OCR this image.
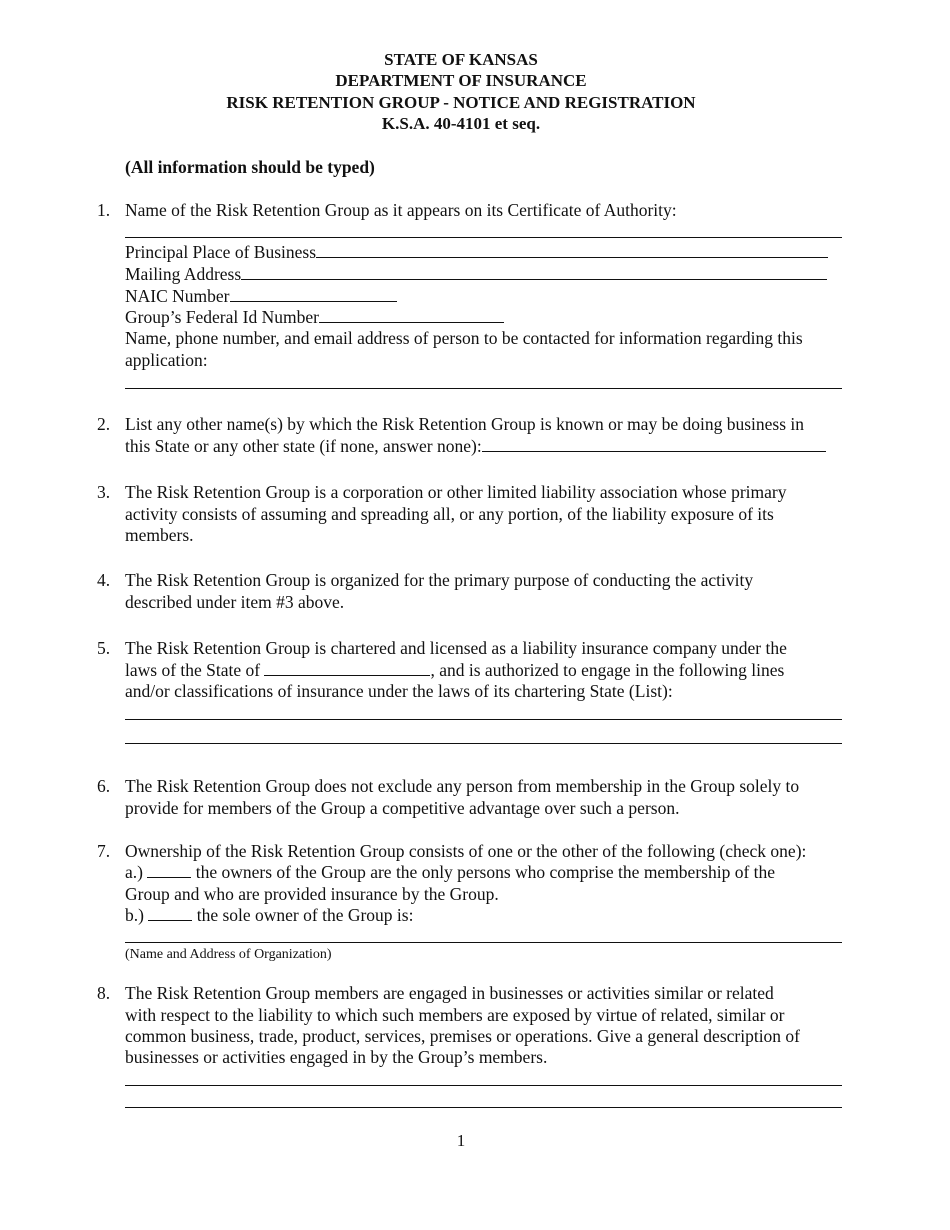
STATE OF KANSAS
DEPARTMENT OF INSURANCE
RISK RETENTION GROUP - NOTICE AND REGISTRATION
K.S.A. 40-4101 et seq.
(All information should be typed)
1. Name of the Risk Retention Group as it appears on its Certificate of Authority:
Principal Place of Business
Mailing Address
NAIC Number
Group’s Federal Id Number
Name, phone number, and email address of person to be contacted for information regarding this
application:
2. List any other name(s) by which the Risk Retention Group is known or may be doing business in
this State or any other state (if none, answer none):
3. The Risk Retention Group is a corporation or other limited liability association whose primary
activity consists of assuming and spreading all, or any portion, of the liability exposure of its
members.
4. The Risk Retention Group is organized for the primary purpose of conducting the activity
described under item #3 above.
5. The Risk Retention Group is chartered and licensed as a liability insurance company under the
laws of the State of	, and is authorized to engage in the following lines
and/or classifications of insurance under the laws of its chartering State (List):
6. The Risk Retention Group does not exclude any person from membership in the Group solely to
provide for members of the Group a competitive advantage over such a person.
7. Ownership of the Risk Retention Group consists of one or the other of the following (check one):
a.)	the owners of the Group are the only persons who comprise the membership of the
Group and who are provided insurance by the Group.
b.)	the sole owner of the Group is:
(Name and Address of Organization)
8. The Risk Retention Group members are engaged in businesses or activities similar or related
with respect to the liability to which such members are exposed by virtue of related, similar or
common business, trade, product, services, premises or operations. Give a general description of
businesses or activities engaged in by the Group’s members.
1
